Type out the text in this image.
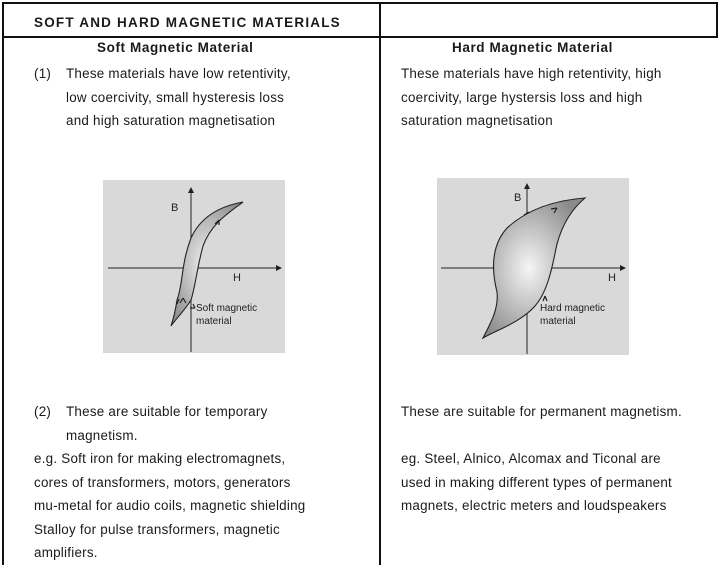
SOFT AND HARD MAGNETIC MATERIALS
Soft Magnetic Material
(1) These materials have low retentivity,
low coercivity, small hysteresis loss
and high saturation magnetisation
B
H
Soft magnetic
material
(2) These are suitable for temporary
magnetism.
e.g. Soft iron for making electromagnets,
cores of transformers, motors, generators
mu-metal for audio coils, magnetic shielding
Stalloy for pulse transformers, magnetic
amplifiers.
Hard Magnetic Material
These materials have high retentivity, high
coercivity, large hystersis loss and high
saturation magnetisation
B
H
Hard magnetic
material
These are suitable for permanent magnetism.
eg. Steel, Alnico, Alcomax and Ticonal are
used in making different types of permanent
magnets, electric meters and loudspeakers
